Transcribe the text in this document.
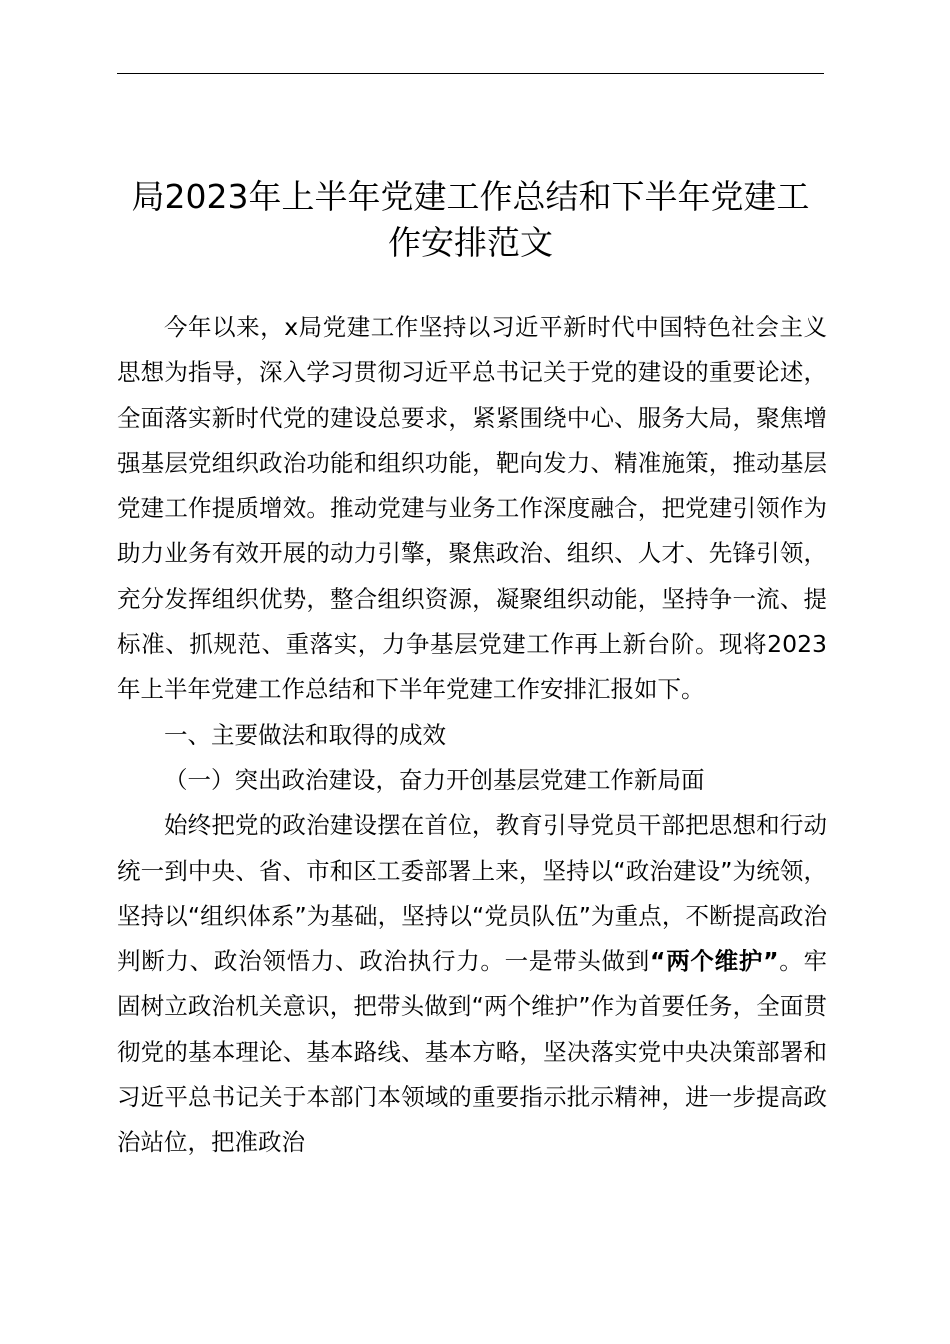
局2023年上半年党建工作总结和下半年党建工作安排范文

今年以来，x局党建工作坚持以习近平新时代中国特色社会主义思想为指导，深入学习贯彻习近平总书记关于党的建设的重要论述，全面落实新时代党的建设总要求，紧紧围绕中心、服务大局，聚焦增强基层党组织政治功能和组织功能，靶向发力、精准施策，推动基层党建工作提质增效。推动党建与业务工作深度融合，把党建引领作为助力业务有效开展的动力引擎，聚焦政治、组织、人才、先锋引领，充分发挥组织优势，整合组织资源，凝聚组织动能，坚持争一流、提标准、抓规范、重落实，力争基层党建工作再上新台阶。现将2023年上半年党建工作总结和下半年党建工作安排汇报如下。

一、主要做法和取得的成效

（一）突出政治建设，奋力开创基层党建工作新局面

始终把党的政治建设摆在首位，教育引导党员干部把思想和行动统一到中央、省、市和区工委部署上来，坚持以“政治建设”为统领，坚持以“组织体系”为基础，坚持以“党员队伍”为重点，不断提高政治判断力、政治领悟力、政治执行力。一是带头做到“两个维护”。牢固树立政治机关意识，把带头做到“两个维护”作为首要任务，全面贯彻党的基本理论、基本路线、基本方略，坚决落实党中央决策部署和习近平总书记关于本部门本领域的重要指示批示精神，进一步提高政治站位，把准政治
